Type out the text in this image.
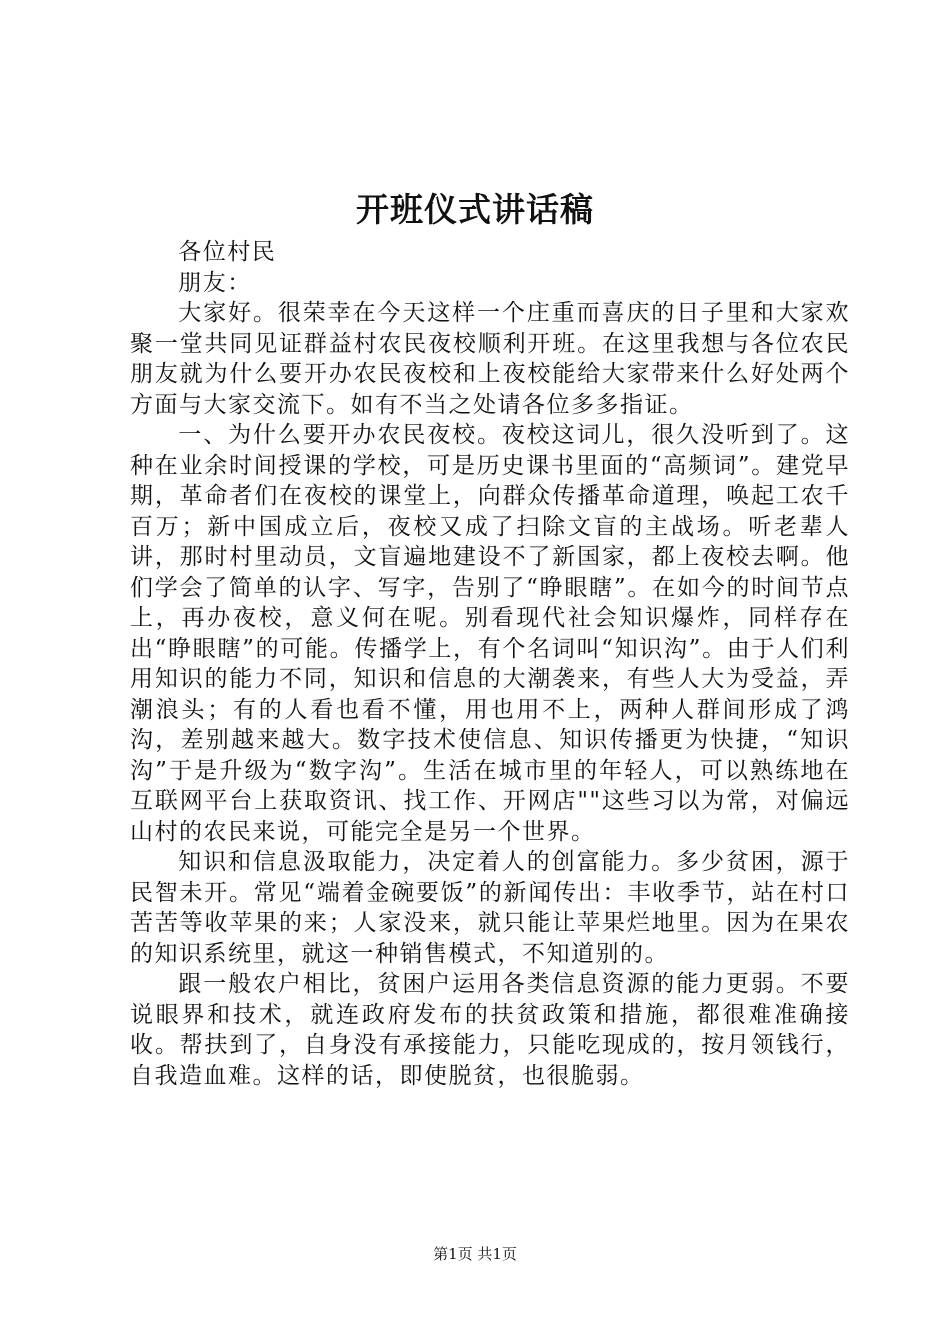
开班仪式讲话稿

各位村民

朋友：

大家好。很荣幸在今天这样一个庄重而喜庆的日子里和大家欢聚一堂共同见证群益村农民夜校顺利开班。在这里我想与各位农民朋友就为什么要开办农民夜校和上夜校能给大家带来什么好处两个方面与大家交流下。如有不当之处请各位多多指证。

一、为什么要开办农民夜校。夜校这词儿，很久没听到了。这种在业余时间授课的学校，可是历史课书里面的“高频词”。建党早期，革命者们在夜校的课堂上，向群众传播革命道理，唤起工农千百万；新中国成立后，夜校又成了扫除文盲的主战场。听老辈人讲，那时村里动员，文盲遍地建设不了新国家，都上夜校去啊。他们学会了简单的认字、写字，告别了“睁眼瞎”。在如今的时间节点上，再办夜校，意义何在呢。别看现代社会知识爆炸，同样存在出“睁眼瞎”的可能。传播学上，有个名词叫“知识沟”。由于人们利用知识的能力不同，知识和信息的大潮袭来，有些人大为受益，弄潮浪头；有的人看也看不懂，用也用不上，两种人群间形成了鸿沟，差别越来越大。数字技术使信息、知识传播更为快捷，“知识沟”于是升级为“数字沟”。生活在城市里的年轻人，可以熟练地在互联网平台上获取资讯、找工作、开网店""这些习以为常，对偏远山村的农民来说，可能完全是另一个世界。

知识和信息汲取能力，决定着人的创富能力。多少贫困，源于民智未开。常见“端着金碗要饭”的新闻传出：丰收季节，站在村口苦苦等收苹果的来；人家没来，就只能让苹果烂地里。因为在果农的知识系统里，就这一种销售模式，不知道别的。

跟一般农户相比，贫困户运用各类信息资源的能力更弱。不要说眼界和技术，就连政府发布的扶贫政策和措施，都很难准确接收。帮扶到了，自身没有承接能力，只能吃现成的，按月领钱行，自我造血难。这样的话，即使脱贫，也很脆弱。

第1页 共1页
